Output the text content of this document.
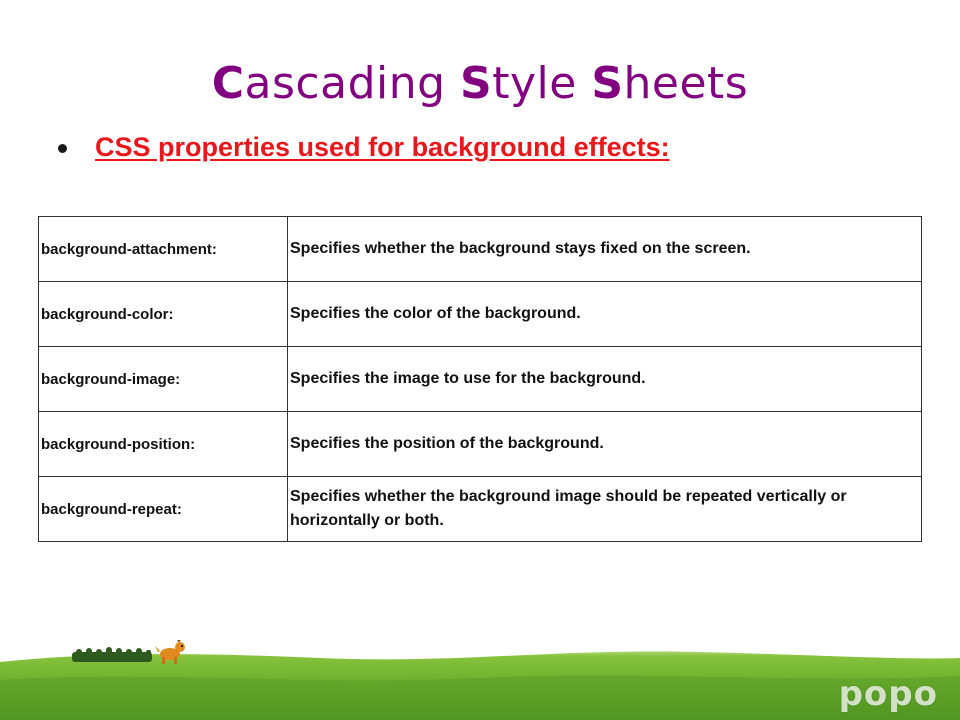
Cascading Style Sheets
CSS properties used for background effects:
background-attachment:	Specifies whether the background stays fixed on the screen.
background-color:	Specifies the color of the background.
background-image:	Specifies the image to use for the background.
background-position:	Specifies the position of the background.
background-repeat:	Specifies whether the background image should be repeated vertically or horizontally or both.
popo
